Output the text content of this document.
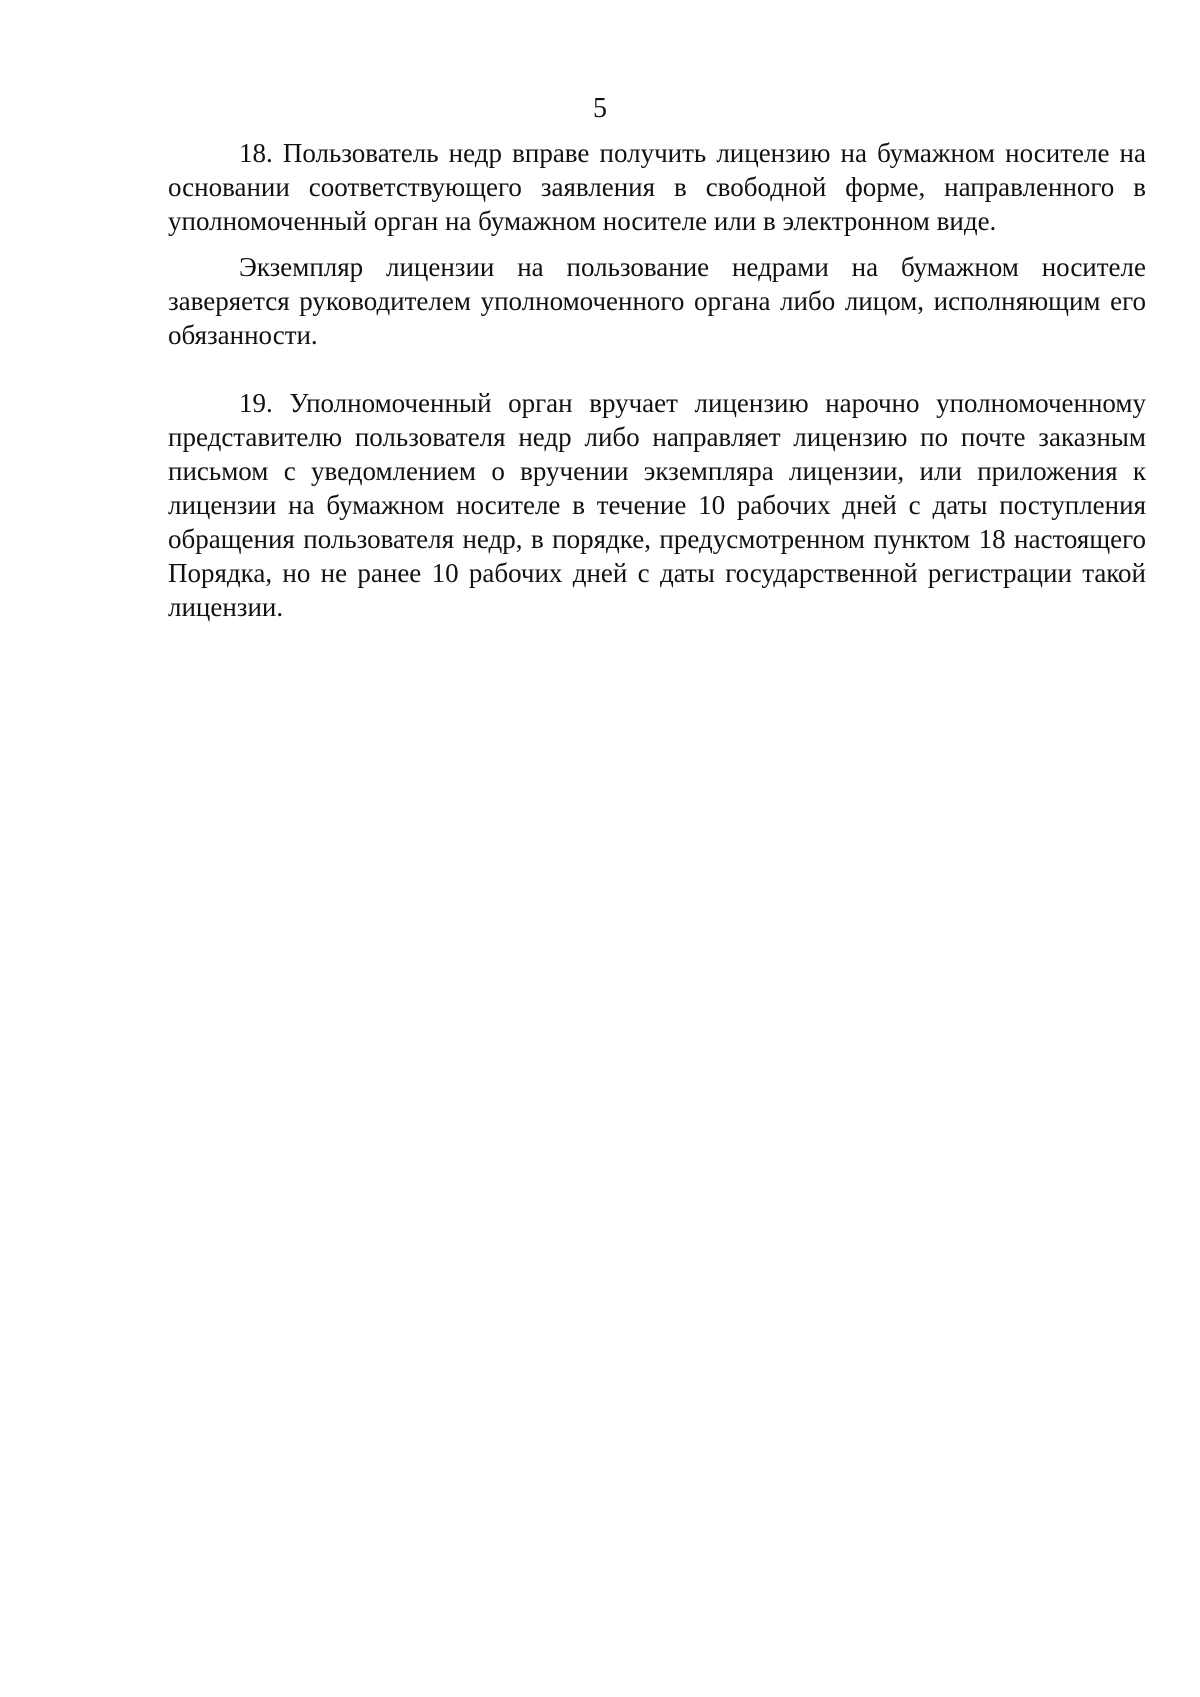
5

18. Пользователь недр вправе получить лицензию на бумажном носителе на основании соответствующего заявления в свободной форме, направленного в уполномоченный орган на бумажном носителе или в электронном виде.

Экземпляр лицензии на пользование недрами на бумажном носителе заверяется руководителем уполномоченного органа либо лицом, исполняющим его обязанности.

19. Уполномоченный орган вручает лицензию нарочно уполномоченному представителю пользователя недр либо направляет лицензию по почте заказным письмом с уведомлением о вручении экземпляра лицензии, или приложения к лицензии на бумажном носителе в течение 10 рабочих дней с даты поступления обращения пользователя недр, в порядке, предусмотренном пунктом 18 настоящего Порядка, но не ранее 10 рабочих дней с даты государственной регистрации такой лицензии.
